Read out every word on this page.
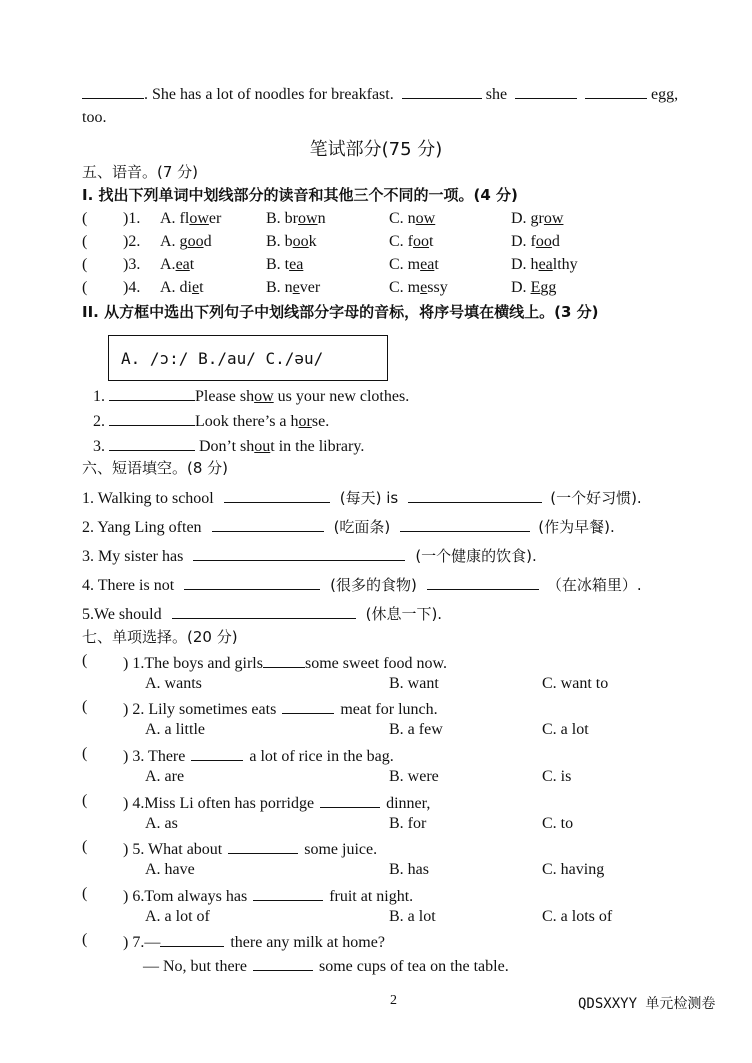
. She has a lot of noodles for breakfast.	she	egg,
too.
笔试部分(75 分)
五、语音。(7 分)
I. 找出下列单词中划线部分的读音和其他三个不同的一项。(4 分)
( )1. A. flower	B. brown	C. now	D. grow
( )2. A. good	B. book	C. foot	D. food
( )3. A.eat	B. tea	C. meat	D. healthy
( )4. A. diet	B. never	C. messy	D. Egg
II. 从方框中选出下列句子中划线部分字母的音标，将序号填在横线上。(3 分)
A. /ɔ:/ B./au/ C./əu/
1.	Please show us your new clothes.
2.	Look there’s a horse.
3.	Don’t shout in the library.
六、短语填空。(8 分)
1. Walking to school	(每天) is	(一个好习惯).
2. Yang Ling often	(吃面条)	(作为早餐).
3. My sister has	(一个健康的饮食).
4. There is not	(很多的食物)	（在冰箱里）.
5.We should	(休息一下).
七、单项选择。(20 分)
( ) 1.The boys and girls	some sweet food now.
A. wants	B. want	C. want to
( ) 2. Lily sometimes eats	meat for lunch.
A. a little	B. a few	C. a lot
( ) 3. There	a lot of rice in the bag.
A. are	B. were	C. is
( ) 4.Miss Li often has porridge	dinner,
A. as	B. for	C. to
( ) 5. What about	some juice.
A. have	B. has	C. having
( ) 6.Tom always has	fruit at night.
A. a lot of	B. a lot	C. a lots of
( ) 7.—	there any milk at home?
— No, but there	some cups of tea on the table.
2	QDSXXYY 单元检测卷
